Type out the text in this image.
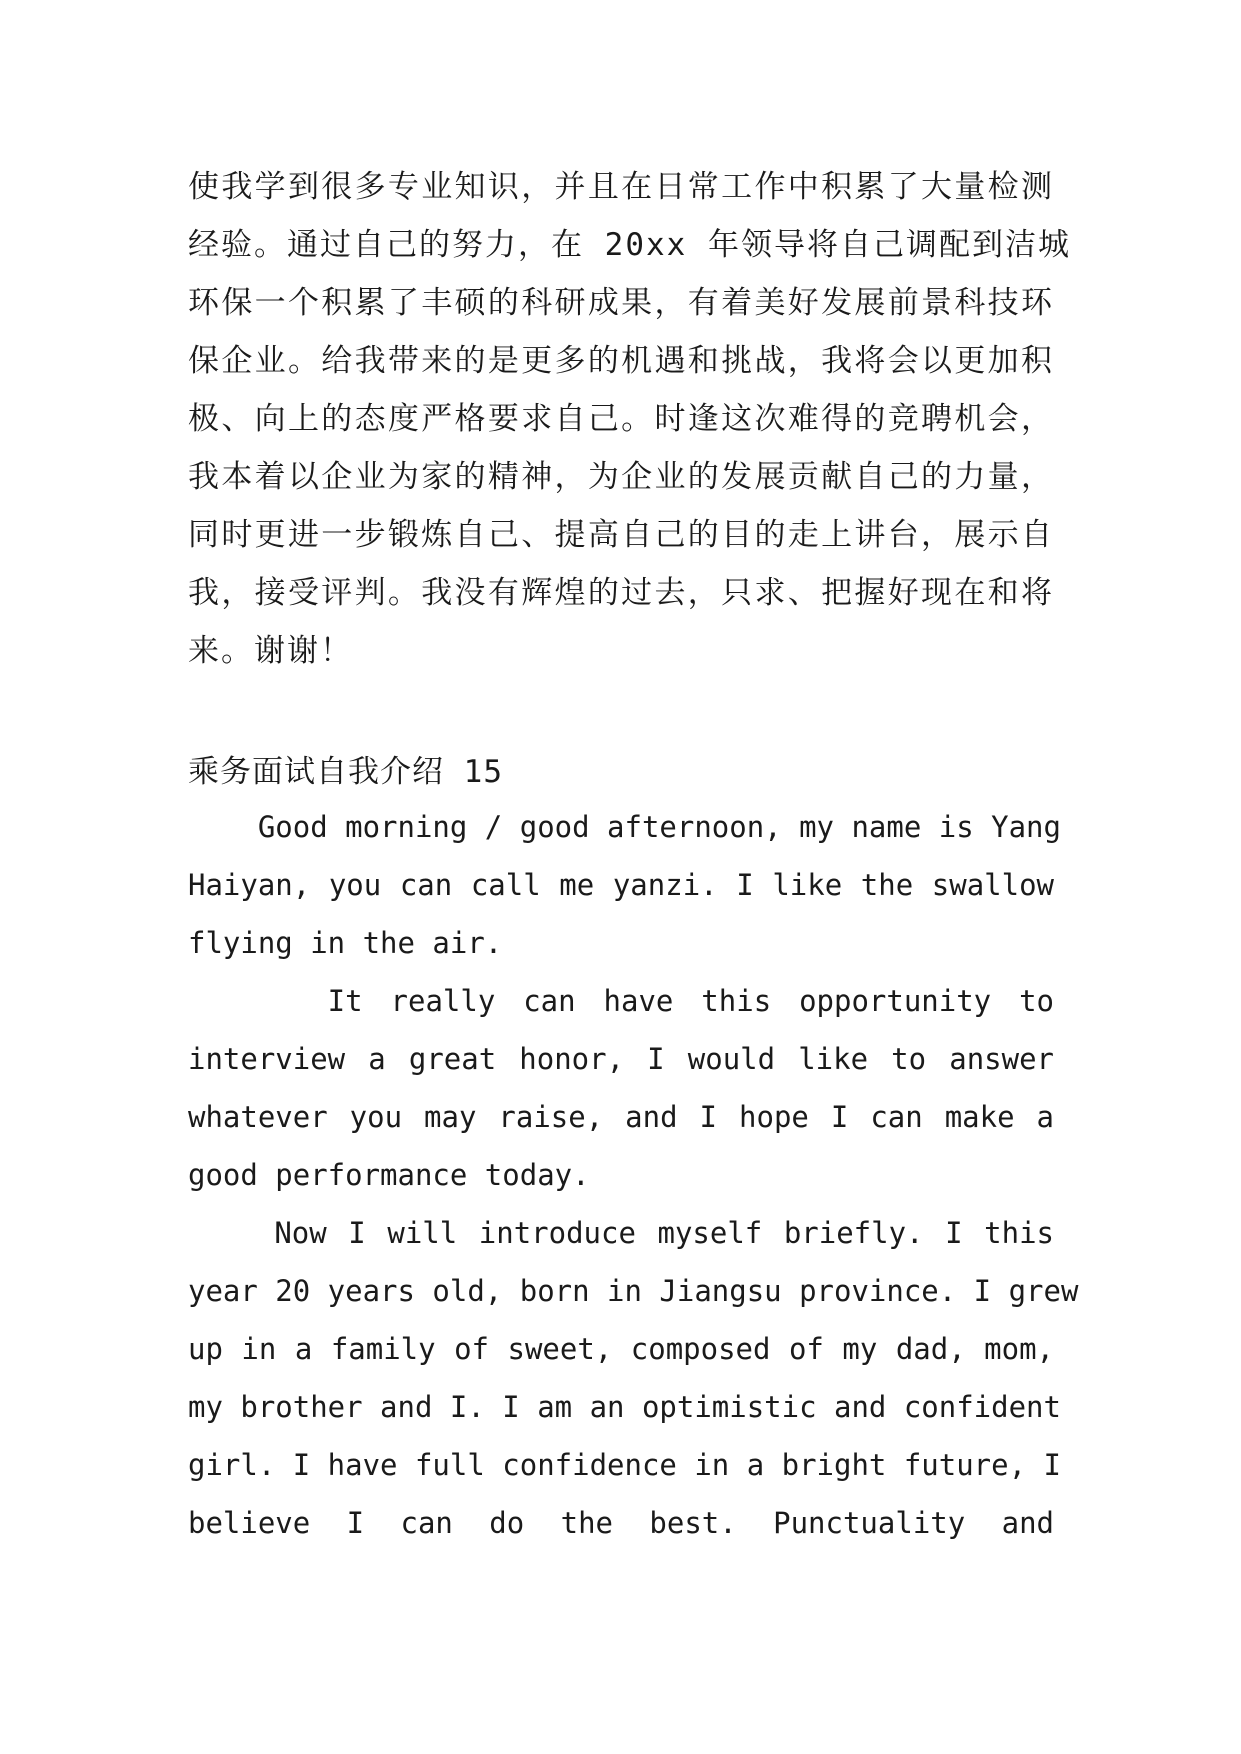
使我学到很多专业知识，并且在日常工作中积累了大量检测
经验。通过自己的努力，在 20xx 年领导将自己调配到洁城
环保一个积累了丰硕的科研成果，有着美好发展前景科技环
保企业。给我带来的是更多的机遇和挑战，我将会以更加积
极、向上的态度严格要求自己。时逢这次难得的竞聘机会，
我本着以企业为家的精神，为企业的发展贡献自己的力量，
同时更进一步锻炼自己、提高自己的目的走上讲台，展示自
我，接受评判。我没有辉煌的过去，只求、把握好现在和将
来。谢谢！
乘务面试自我介绍 15

Good morning / good afternoon, my name is Yang
Haiyan, you can call me yanzi. I like the swallow
flying in the air.

It really can have this opportunity to
interview a great honor, I would like to answer
whatever you may raise, and I hope I can make a
good performance today.

Now I will introduce myself briefly. I this
year 20 years old, born in Jiangsu province. I grew
up in a family of sweet, composed of my dad, mom,
my brother and I. I am an optimistic and confident
girl. I have full confidence in a bright future, I
believe I can do the best. Punctuality and
